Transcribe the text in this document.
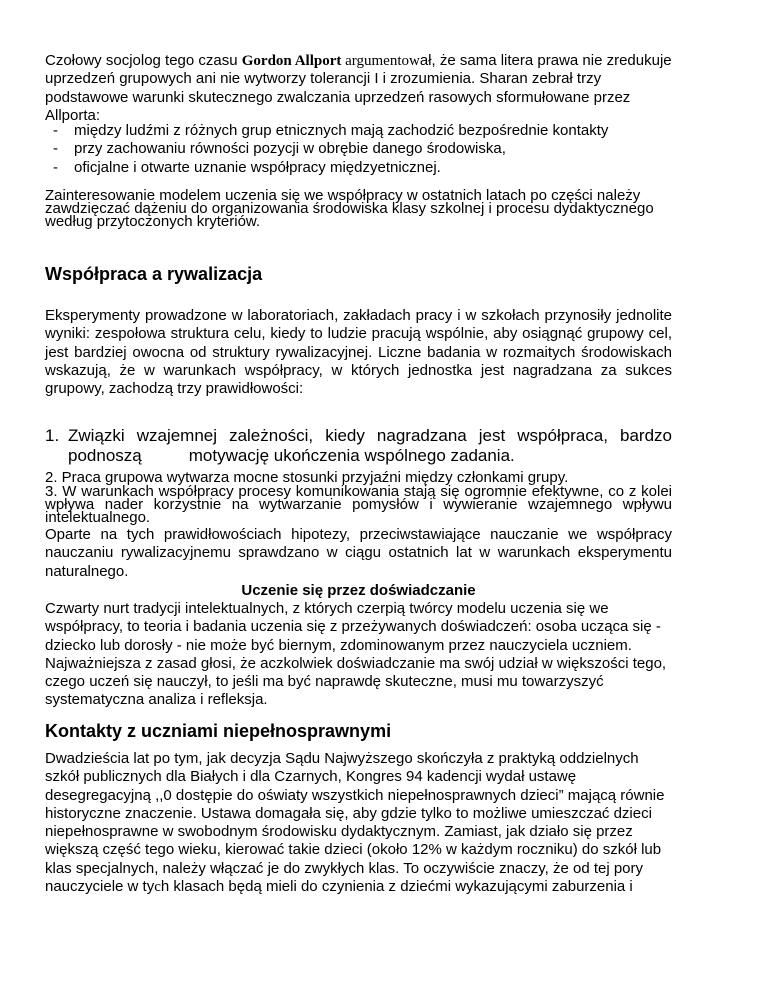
Czołowy socjolog tego czasu Gordon Allport argumentował, że sama litera prawa nie zredukuje uprzedzeń grupowych ani nie wytworzy tolerancji I i zrozumienia. Sharan zebrał trzy podstawowe warunki skutecznego zwalczania uprzedzeń rasowych sformułowane przez Allporta:

-	między ludźmi z różnych grup etnicznych mają zachodzić bezpośrednie kontakty
-	przy zachowaniu równości pozycji w obrębie danego środowiska,
-	oficjalne i otwarte uznanie współpracy międzyetnicznej.

Zainteresowanie modelem uczenia się we współpracy w ostatnich latach po części należy zawdzięczać dążeniu do organizowania środowiska klasy szkolnej i procesu dydaktycznego według przytoczonych kryteriów.

Współpraca a rywalizacja

Eksperymenty prowadzone w laboratoriach, zakładach pracy i w szkołach przynosiły jednolite wyniki: zespołowa struktura celu, kiedy to ludzie pracują wspólnie, aby osiągnąć grupowy cel, jest bardziej owocna od struktury rywalizacyjnej. Liczne badania w rozmaitych środowiskach wskazują, że w warunkach współpracy, w których jednostka jest nagradzana za sukces grupowy, zachodzą trzy prawidłowości:

1. Związki wzajemnej zależności, kiedy nagradzana jest współpraca, bardzo
podnoszą	motywację ukończenia wspólnego zadania.

2. Praca grupowa wytwarza mocne stosunki przyjaźni między członkami grupy.

3. W warunkach współpracy procesy komunikowania stają się ogromnie efektywne, co z kolei wpływa nader korzystnie na wytwarzanie pomysłów i wywieranie wzajemnego wpływu intelektualnego.

Oparte na tych prawidłowościach hipotezy, przeciwstawiające nauczanie we współpracy nauczaniu rywalizacyjnemu sprawdzano w ciągu ostatnich lat w warunkach eksperymentu naturalnego.

Uczenie się przez doświadczanie

Czwarty nurt tradycji intelektualnych, z których czerpią twórcy modelu uczenia się we współpracy, to teoria i badania uczenia się z przeżywanych doświadczeń: osoba ucząca się - dziecko lub dorosły - nie może być biernym, zdominowanym przez nauczyciela uczniem. Najważniejsza z zasad głosi, że aczkolwiek doświadczanie ma swój udział w większości tego, czego uczeń się nauczył, to jeśli ma być naprawdę skuteczne, musi mu towarzyszyć systematyczna analiza i refleksja.

Kontakty z uczniami niepełnosprawnymi

Dwadzieścia lat po tym, jak decyzja Sądu Najwyższego skończyła z praktyką oddzielnych szkół publicznych dla Białych i dla Czarnych, Kongres 94 kadencji wydał ustawę desegregacyjną ,,0 dostępie do oświaty wszystkich niepełnosprawnych dzieci” mającą równie historyczne znaczenie. Ustawa domagała się, aby gdzie tylko to możliwe umieszczać dzieci niepełnosprawne w swobodnym środowisku dydaktycznym. Zamiast, jak działo się przez większą część tego wieku, kierować takie dzieci (około 12% w każdym roczniku) do szkół lub klas specjalnych, należy włączać je do zwykłych klas. To oczywiście znaczy, że od tej pory nauczyciele w tych klasach będą mieli do czynienia z dziećmi wykazującymi zaburzenia i
